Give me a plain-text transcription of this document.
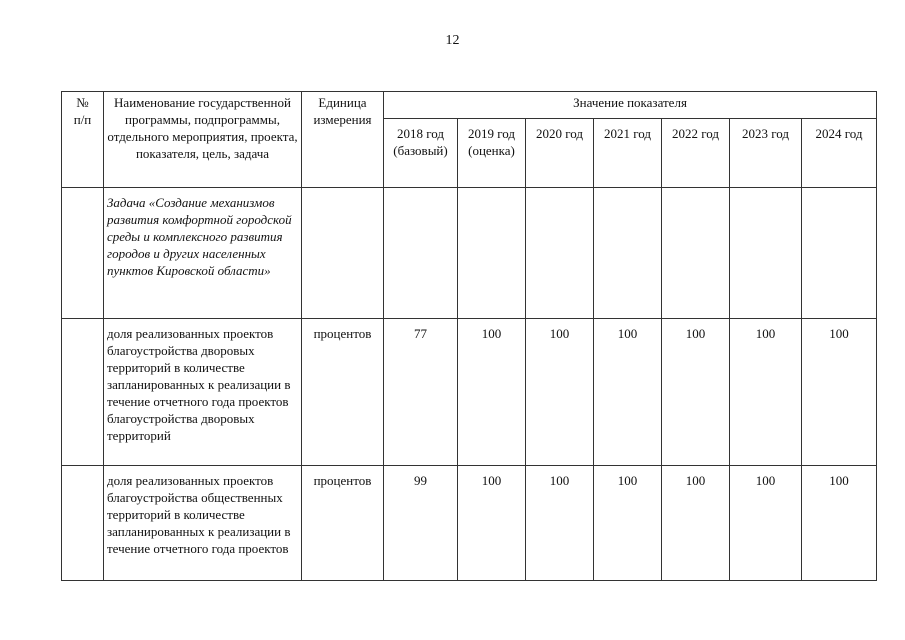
12
№
п/п	Наименование государственной программы, подпрограммы, отдельного мероприятия, проекта, показателя, цель, задача	Единица измерения	Значение показателя						
			2018 год (базовый)	2019 год (оценка)	2020 год	2021 год	2022 год	2023 год	2024 год
	Задача «Создание механизмов развития комфортной городской среды и комплексного развития городов и других населенных пунктов Кировской области»								
	доля реализованных проектов благоустройства дворовых территорий в количестве запланированных к реализации в течение отчетного года проектов благоустройства дворовых территорий	процентов	77	100	100	100	100	100	100
	доля реализованных проектов благоустройства общественных территорий в количестве запланированных к реализации в течение отчетного года проектов	процентов	99	100	100	100	100	100	100
